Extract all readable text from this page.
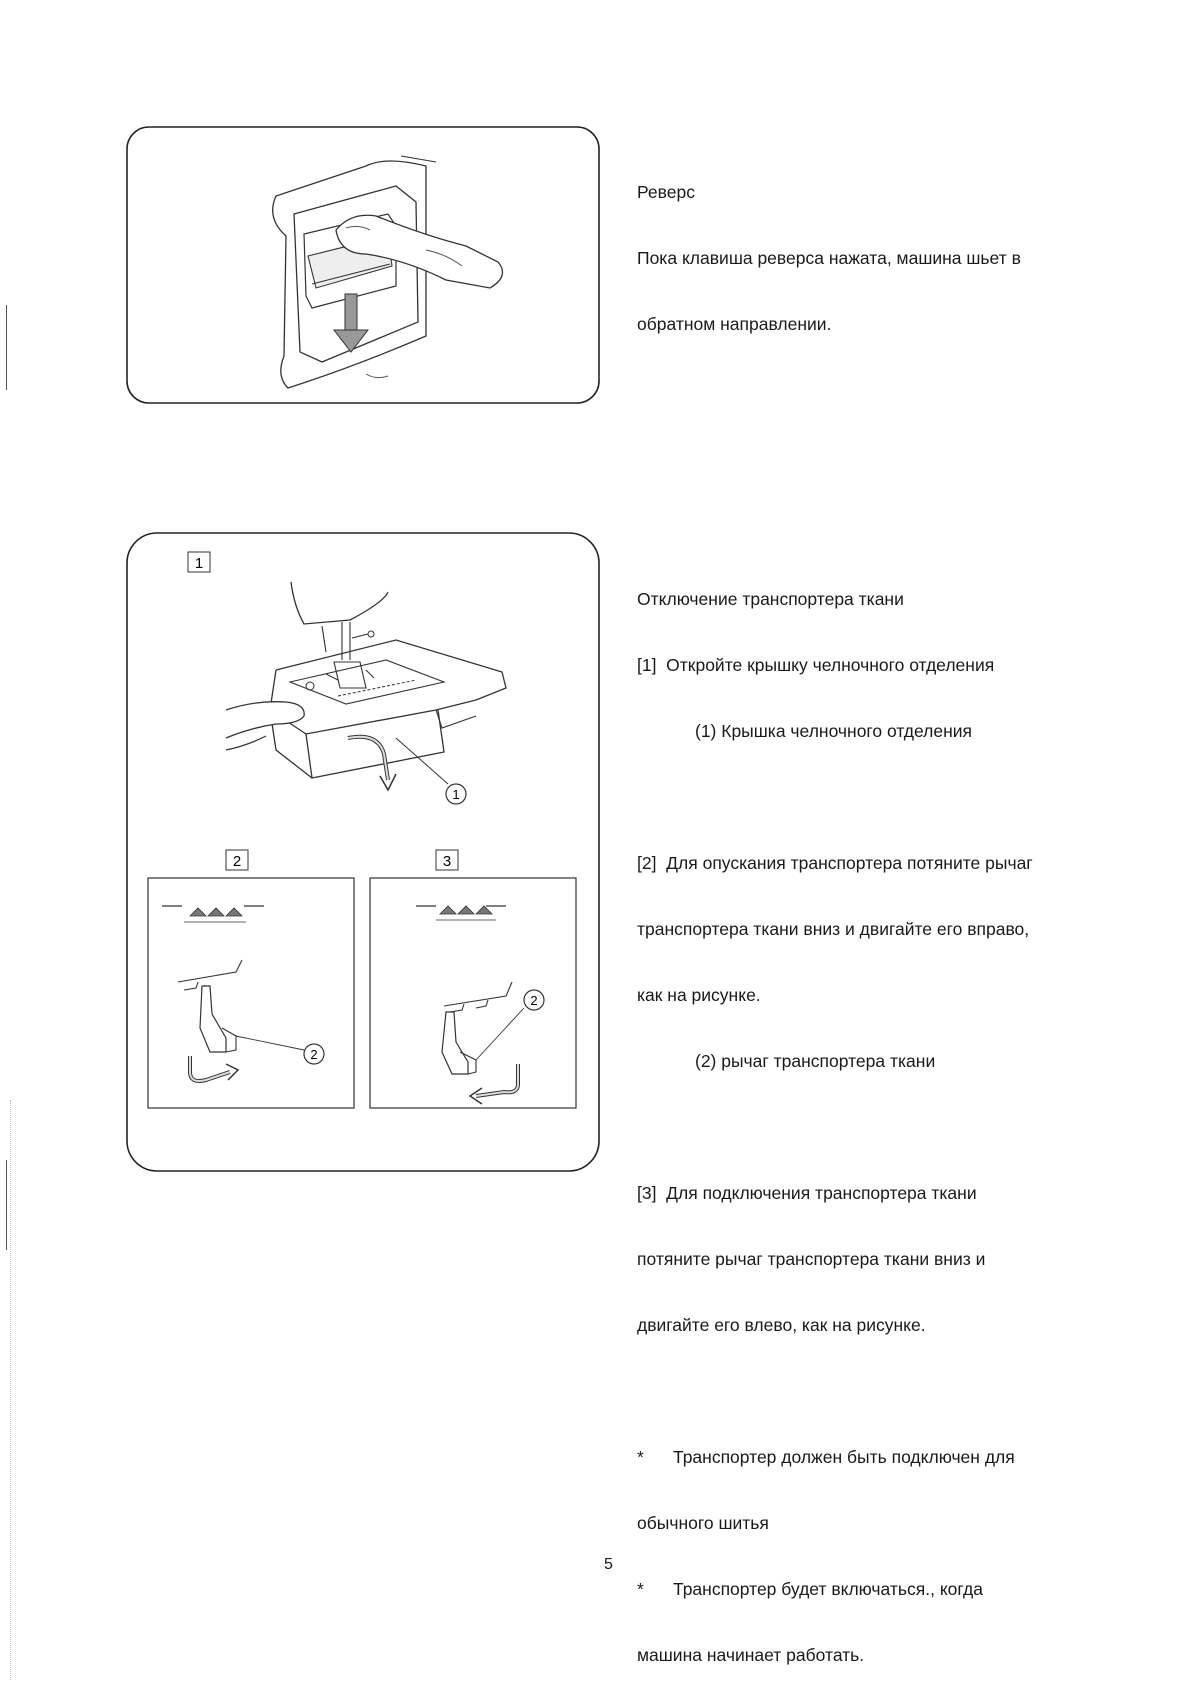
1
1
2	3
2
2

Реверс

Пока клавиша реверса нажата, машина шьет в

обратном направлении.

Отключение транспортера ткани

[1]  Откройте крышку челночного отделения

(1) Крышка челночного отделения

[2]  Для опускания транспортера потяните рычаг

транспортера ткани вниз и двигайте его вправо,

как на рисунке.

(2) рычаг транспортера ткани

[3]  Для подключения транспортера ткани

потяните рычаг транспортера ткани вниз и

двигайте его влево, как на рисунке.

*      Транспортер должен быть подключен для

обычного шитья

*      Транспортер будет включаться., когда

машина начинает работать.

5
